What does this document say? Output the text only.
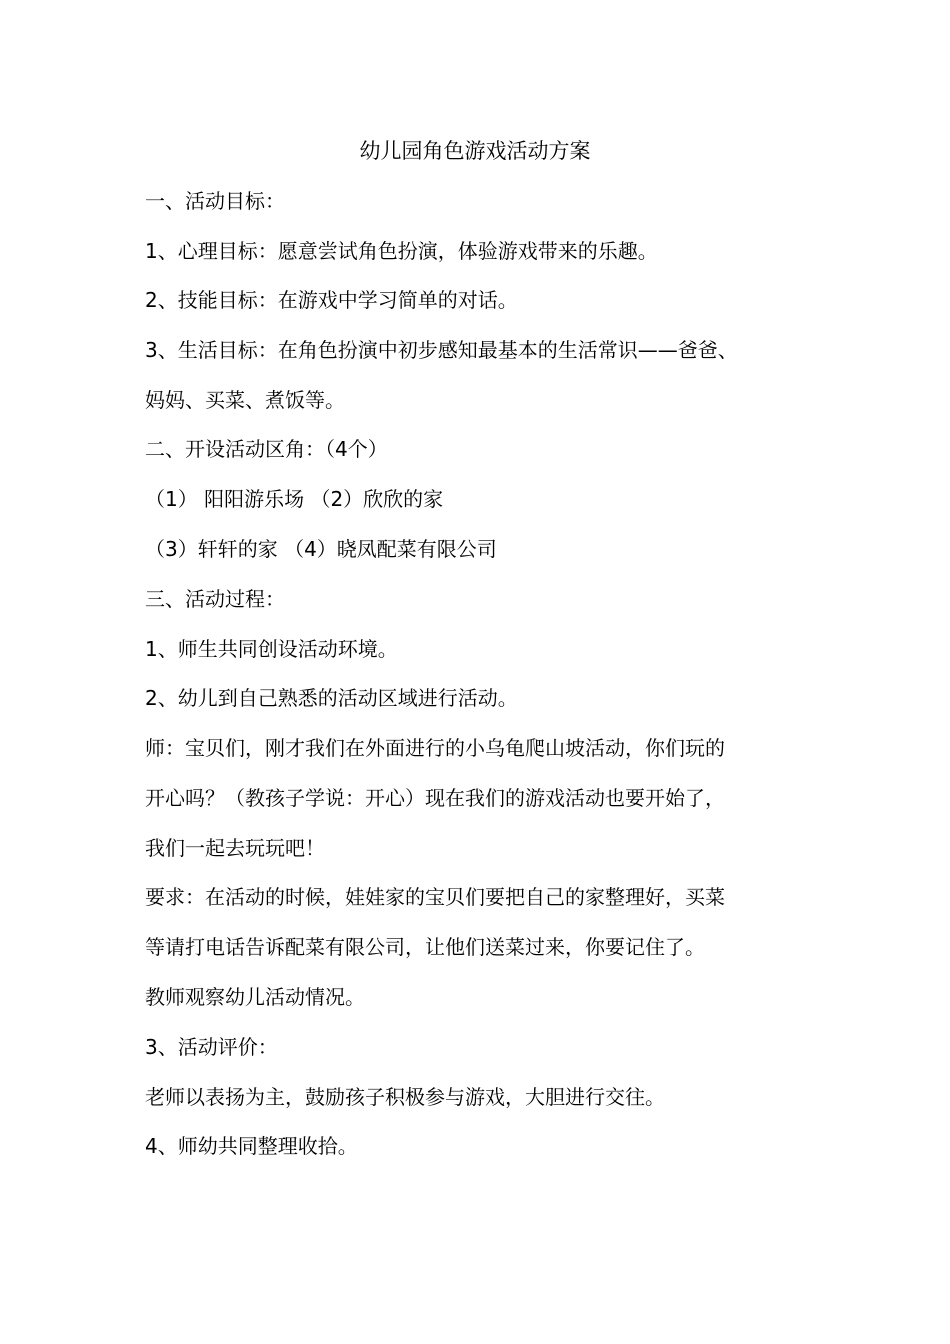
幼儿园角色游戏活动方案
一、活动目标：
1、心理目标：愿意尝试角色扮演，体验游戏带来的乐趣。
2、技能目标：在游戏中学习简单的对话。
3、生活目标：在角色扮演中初步感知最基本的生活常识——爸爸、
妈妈、买菜、煮饭等。
二、开设活动区角：（4个）
（1） 阳阳游乐场 （2）欣欣的家
（3）轩轩的家 （4）晓凤配菜有限公司
三、活动过程：
1、师生共同创设活动环境。
2、幼儿到自己熟悉的活动区域进行活动。
师：宝贝们，刚才我们在外面进行的小乌龟爬山坡活动，你们玩的
开心吗？（教孩子学说：开心）现在我们的游戏活动也要开始了，
我们一起去玩玩吧！
要求：在活动的时候，娃娃家的宝贝们要把自己的家整理好，买菜
等请打电话告诉配菜有限公司，让他们送菜过来，你要记住了。
教师观察幼儿活动情况。
3、活动评价：
老师以表扬为主，鼓励孩子积极参与游戏，大胆进行交往。
4、师幼共同整理收拾。
